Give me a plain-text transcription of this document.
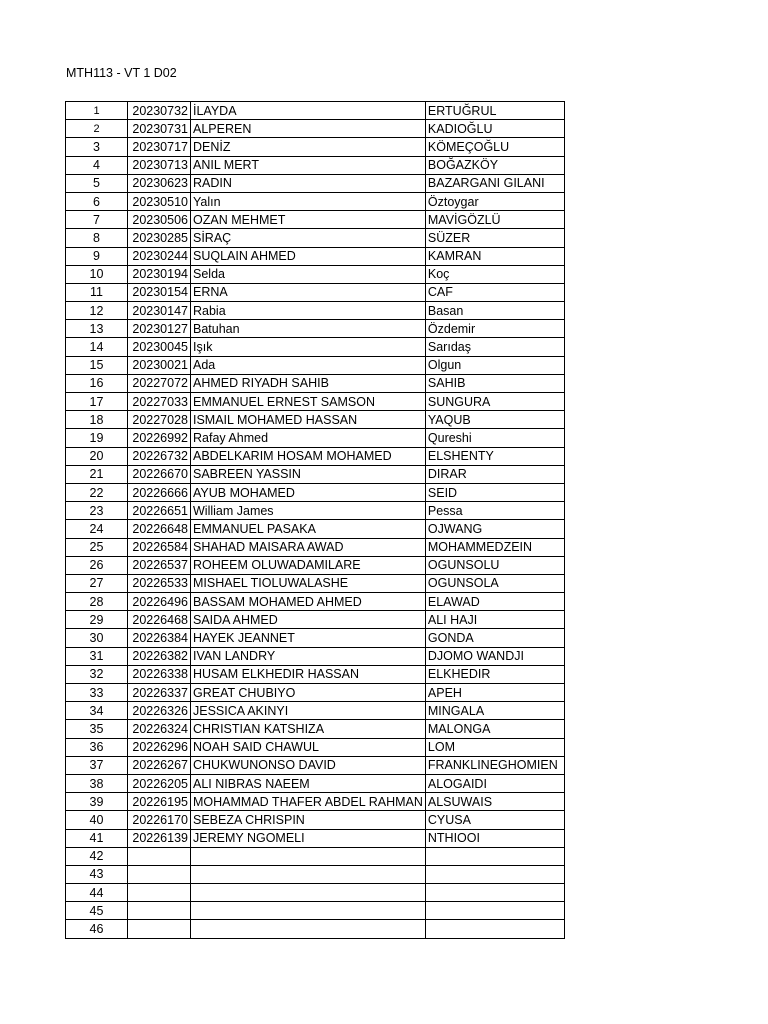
MTH113 - VT 1 D02
1	20230732	İLAYDA	ERTUĞRUL
2	20230731	ALPEREN	KADIOĞLU
3	20230717	DENİZ	KÖMEÇOĞLU
4	20230713	ANIL MERT	BOĞAZKÖY
5	20230623	RADIN	BAZARGANI GILANI
6	20230510	Yalın	Öztoygar
7	20230506	OZAN MEHMET	MAVİGÖZLÜ
8	20230285	SİRAÇ	SÜZER
9	20230244	SUQLAIN AHMED	KAMRAN
10	20230194	Selda	Koç
11	20230154	ERNA	CAF
12	20230147	Rabia	Basan
13	20230127	Batuhan	Özdemir
14	20230045	Işık	Sarıdaş
15	20230021	Ada	Olgun
16	20227072	AHMED RIYADH SAHIB	SAHIB
17	20227033	EMMANUEL ERNEST SAMSON	SUNGURA
18	20227028	ISMAIL MOHAMED HASSAN	YAQUB
19	20226992	Rafay Ahmed	Qureshi
20	20226732	ABDELKARIM HOSAM MOHAMED	ELSHENTY
21	20226670	SABREEN YASSIN	DIRAR
22	20226666	AYUB MOHAMED	SEID
23	20226651	William James	Pessa
24	20226648	EMMANUEL PASAKA	OJWANG
25	20226584	SHAHAD MAISARA AWAD	MOHAMMEDZEIN
26	20226537	ROHEEM OLUWADAMILARE	OGUNSOLU
27	20226533	MISHAEL TIOLUWALASHE	OGUNSOLA
28	20226496	BASSAM MOHAMED AHMED	ELAWAD
29	20226468	SAIDA AHMED	ALI HAJI
30	20226384	HAYEK JEANNET	GONDA
31	20226382	IVAN LANDRY	DJOMO WANDJI
32	20226338	HUSAM ELKHEDIR HASSAN	ELKHEDIR
33	20226337	GREAT CHUBIYO	APEH
34	20226326	JESSICA AKINYI	MINGALA
35	20226324	CHRISTIAN KATSHIZA	MALONGA
36	20226296	NOAH SAID CHAWUL	LOM
37	20226267	CHUKWUNONSO DAVID	FRANKLINEGHOMIEN
38	20226205	ALI NIBRAS NAEEM	ALOGAIDI
39	20226195	MOHAMMAD THAFER ABDEL RAHMAN	ALSUWAIS
40	20226170	SEBEZA CHRISPIN	CYUSA
41	20226139	JEREMY NGOMELI	NTHIOOI
42			
43			
44			
45			
46			
